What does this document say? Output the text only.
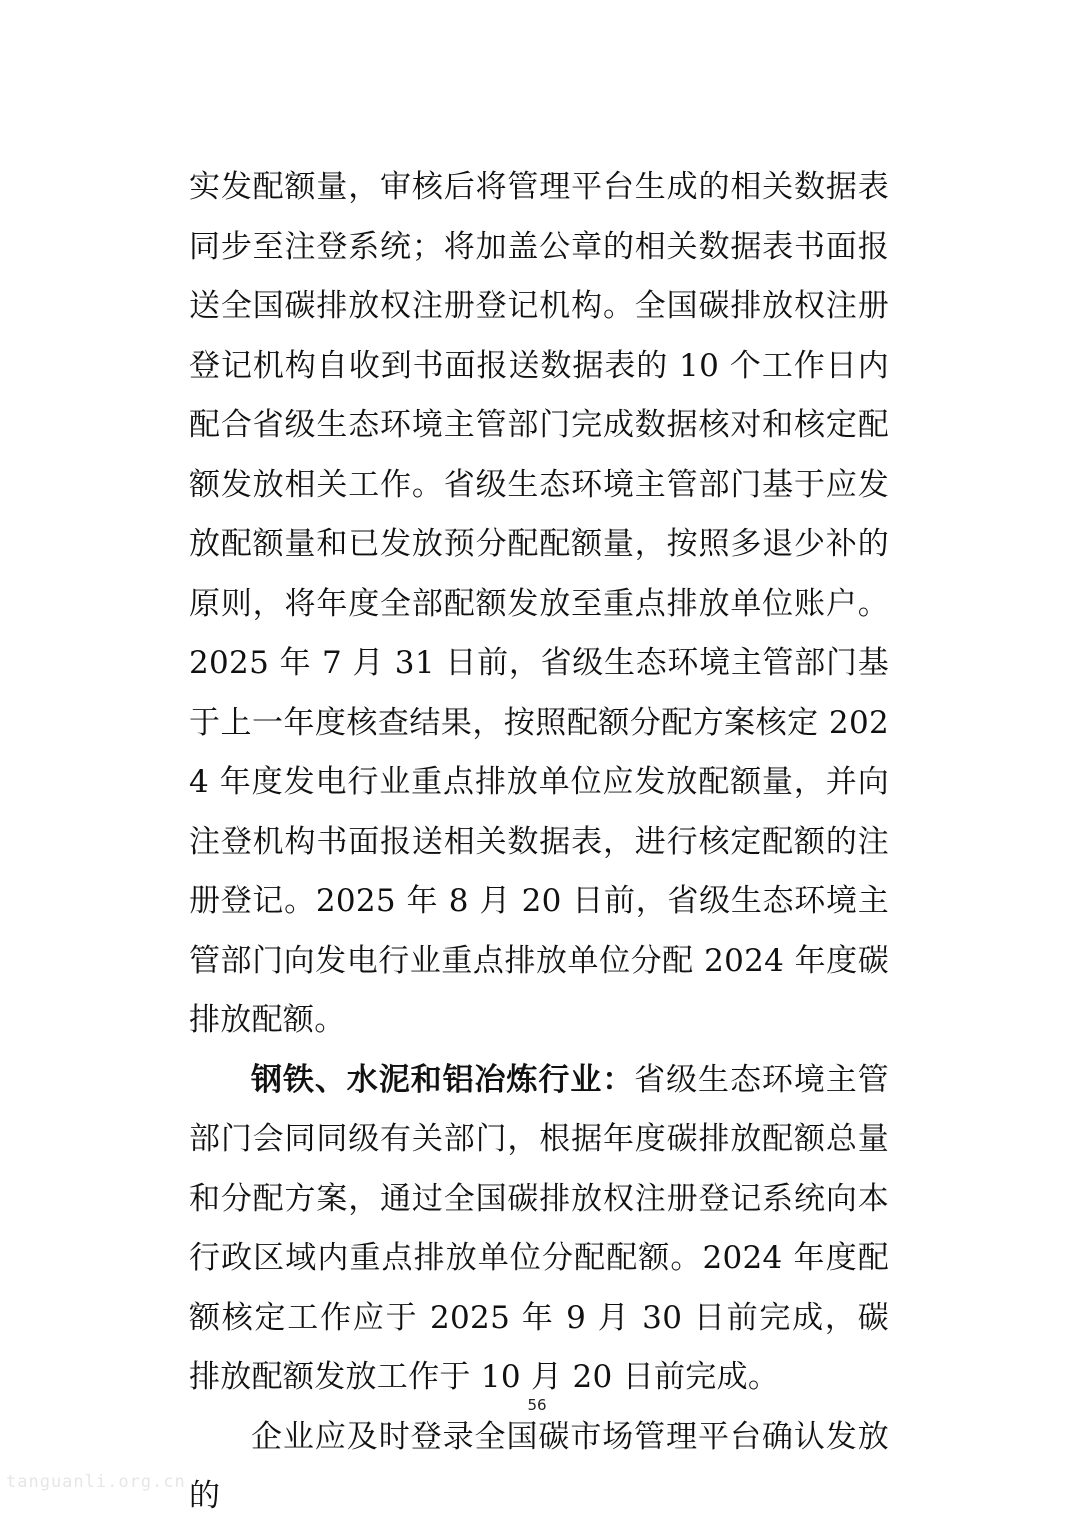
实发配额量，审核后将管理平台生成的相关数据表同步至注登系统；将加盖公章的相关数据表书面报送全国碳排放权注册登记机构。全国碳排放权注册登记机构自收到书面报送数据表的 10 个工作日内配合省级生态环境主管部门完成数据核对和核定配额发放相关工作。省级生态环境主管部门基于应发放配额量和已发放预分配配额量，按照多退少补的原则，将年度全部配额发放至重点排放单位账户。2025 年 7 月 31 日前，省级生态环境主管部门基于上一年度核查结果，按照配额分配方案核定 2024 年度发电行业重点排放单位应发放配额量，并向注登机构书面报送相关数据表，进行核定配额的注册登记。2025 年 8 月 20 日前，省级生态环境主管部门向发电行业重点排放单位分配 2024 年度碳排放配额。

钢铁、水泥和铝冶炼行业：省级生态环境主管部门会同同级有关部门，根据年度碳排放配额总量和分配方案，通过全国碳排放权注册登记系统向本行政区域内重点排放单位分配配额。2024 年度配额核定工作应于 2025 年 9 月 30 日前完成，碳排放配额发放工作于 10 月 20 日前完成。

企业应及时登录全国碳市场管理平台确认发放的

56
tanguanli.org.cn
